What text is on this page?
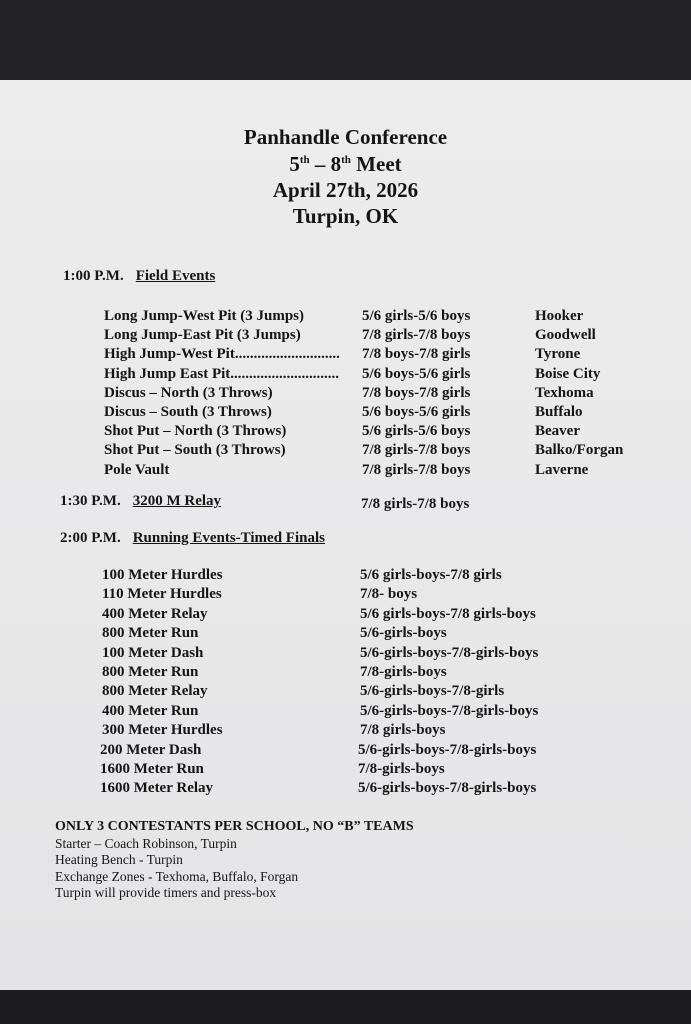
Panhandle Conference
5th – 8th Meet
April 27th, 2026
Turpin, OK
1:00 P.M. Field Events
Long Jump-West Pit (3 Jumps)	5/6 girls-5/6 boys	Hooker
Long Jump-East Pit (3 Jumps)	7/8 girls-7/8 boys	Goodwell
High Jump-West Pit............................ 7/8 boys-7/8 girls	Tyrone
High Jump East Pit............................. 5/6 boys-5/6 girls	Boise City
Discus – North (3 Throws)	7/8 boys-7/8 girls	Texhoma
Discus – South (3 Throws)	5/6 boys-5/6 girls	Buffalo
Shot Put – North (3 Throws)	5/6 girls-5/6 boys	Beaver
Shot Put – South (3 Throws)	7/8 girls-7/8 boys	Balko/Forgan
Pole Vault	7/8 girls-7/8 boys	Laverne
1:30 P.M. 3200 M Relay	7/8 girls-7/8 boys
2:00 P.M. Running Events-Timed Finals
100 Meter Hurdles	5/6 girls-boys-7/8 girls
110 Meter Hurdles	7/8- boys
400 Meter Relay	5/6 girls-boys-7/8 girls-boys
800 Meter Run	5/6-girls-boys
100 Meter Dash	5/6-girls-boys-7/8-girls-boys
800 Meter Run	7/8-girls-boys
800 Meter Relay	5/6-girls-boys-7/8-girls
400 Meter Run	5/6-girls-boys-7/8-girls-boys
300 Meter Hurdles	7/8 girls-boys
200 Meter Dash	5/6-girls-boys-7/8-girls-boys
1600 Meter Run	7/8-girls-boys
1600 Meter Relay	5/6-girls-boys-7/8-girls-boys
ONLY 3 CONTESTANTS PER SCHOOL, NO “B” TEAMS
Starter – Coach Robinson, Turpin
Heating Bench - Turpin
Exchange Zones - Texhoma, Buffalo, Forgan
Turpin will provide timers and press-box
